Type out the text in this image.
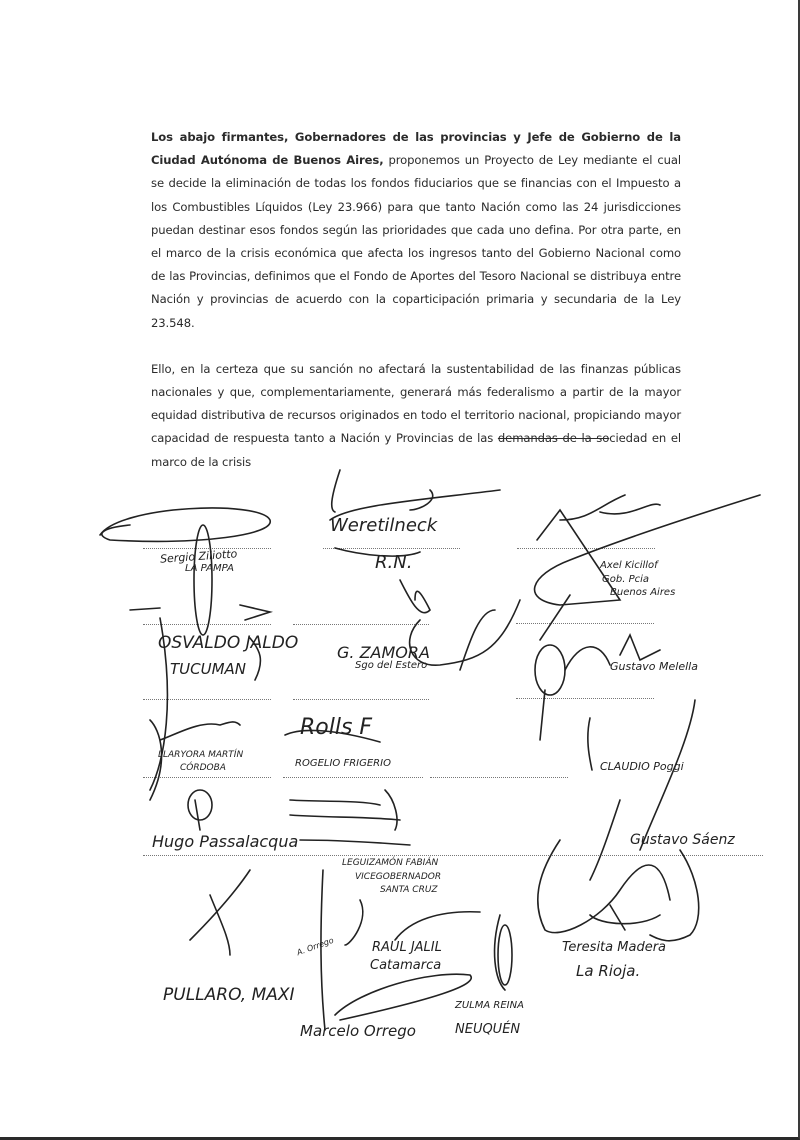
Los abajo firmantes, Gobernadores de las provincias y Jefe de Gobierno de la Ciudad Autónoma de Buenos Aires, proponemos un Proyecto de Ley mediante el cual se decide la eliminación de todas los fondos fiduciarios que se financias con el Impuesto a los Combustibles Líquidos (Ley 23.966) para que tanto Nación como las 24 jurisdicciones puedan destinar esos fondos según las prioridades que cada uno defina. Por otra parte, en el marco de la crisis económica que afecta los ingresos tanto del Gobierno Nacional como de las Provincias, definimos que el Fondo de Aportes del Tesoro Nacional se distribuya entre Nación y provincias de acuerdo con la coparticipación primaria y secundaria de la Ley 23.548.

Ello, en la certeza que su sanción no afectará la sustentabilidad de las finanzas públicas nacionales y que, complementariamente, generará más federalismo a partir de la mayor equidad distributiva de recursos originados en todo el territorio nacional, propiciando mayor capacidad de respuesta tanto a Nación y Provincias de las demandas de la sociedad en el marco de la crisis

Sergio Ziliotto
LA PAMPA
Weretilneck
R.N.	Axel Kicillof
Gob. Pcia
Buenos Aires
OSVALDO JALDO
TUCUMAN
G. ZAMORA
Sgo del Estero	Gustavo Melella
LLARYORA MARTÍN
CÓRDOBA
Rolls F
ROGELIO FRIGERIO	CLAUDIO Poggi
Hugo Passalacqua	Gustavo Sáenz
LEGUIZAMÓN FABIÁN
VICEGOBERNADOR
SANTA CRUZ
RAÚL JALIL
Catamarca
A. Orrego	Teresita Madera
La Rioja.
PULLARO, MAXI
ZULMA REINA
Marcelo Orrego	NEUQUÉN
